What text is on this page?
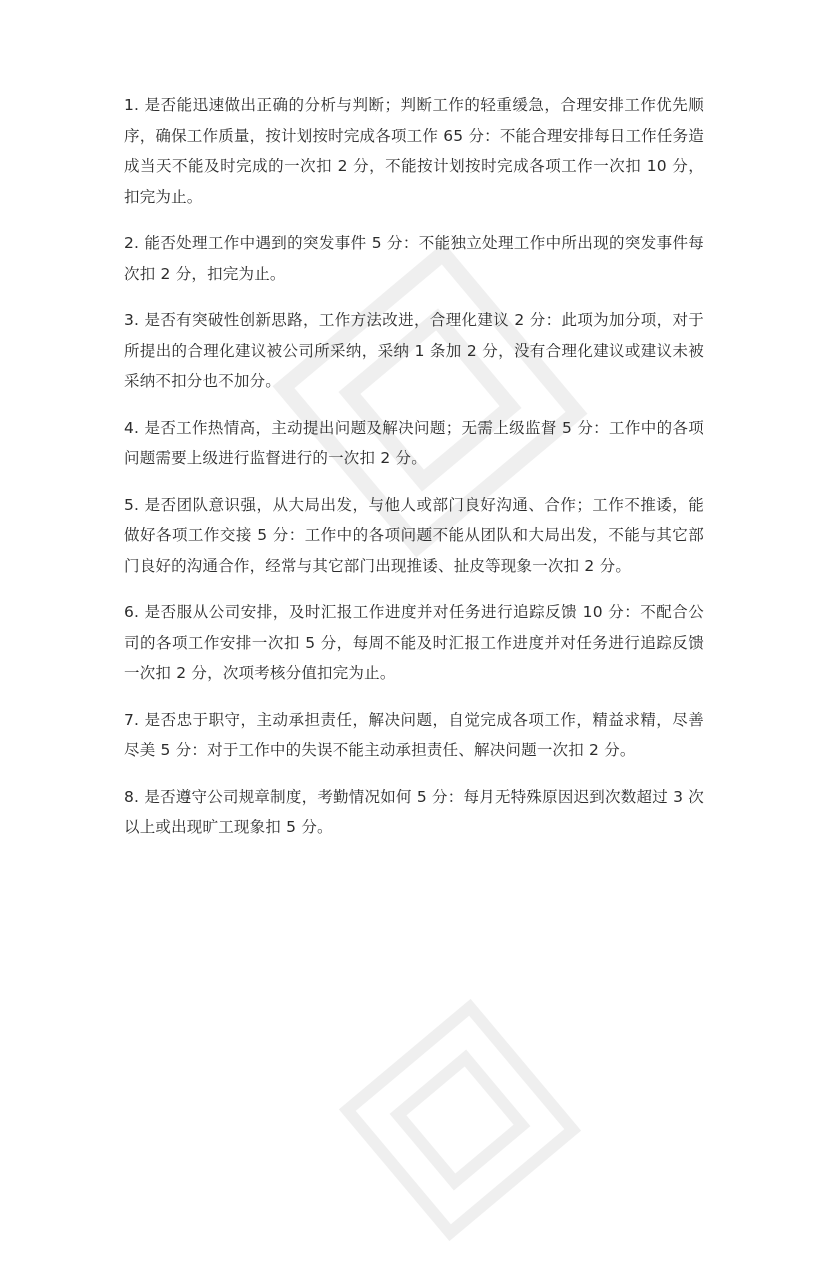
1. 是否能迅速做出正确的分析与判断；判断工作的轻重缓急，合理安排工作优先顺序，确保工作质量，按计划按时完成各项工作 65 分：不能合理安排每日工作任务造成当天不能及时完成的一次扣 2 分，不能按计划按时完成各项工作一次扣 10 分，扣完为止。

2. 能否处理工作中遇到的突发事件 5 分：不能独立处理工作中所出现的突发事件每次扣 2 分，扣完为止。

3. 是否有突破性创新思路，工作方法改进，合理化建议 2 分：此项为加分项，对于所提出的合理化建议被公司所采纳，采纳 1 条加 2 分，没有合理化建议或建议未被采纳不扣分也不加分。

4. 是否工作热情高，主动提出问题及解决问题；无需上级监督 5 分：工作中的各项问题需要上级进行监督进行的一次扣 2 分。

5. 是否团队意识强，从大局出发，与他人或部门良好沟通、合作；工作不推诿，能做好各项工作交接 5 分：工作中的各项问题不能从团队和大局出发，不能与其它部门良好的沟通合作，经常与其它部门出现推诿、扯皮等现象一次扣 2 分。

6. 是否服从公司安排，及时汇报工作进度并对任务进行追踪反馈 10 分：不配合公司的各项工作安排一次扣 5 分，每周不能及时汇报工作进度并对任务进行追踪反馈一次扣 2 分，次项考核分值扣完为止。

7. 是否忠于职守，主动承担责任，解决问题，自觉完成各项工作，精益求精，尽善尽美 5 分：对于工作中的失误不能主动承担责任、解决问题一次扣 2 分。

8. 是否遵守公司规章制度，考勤情况如何 5 分：每月无特殊原因迟到次数超过 3 次以上或出现旷工现象扣 5 分。
